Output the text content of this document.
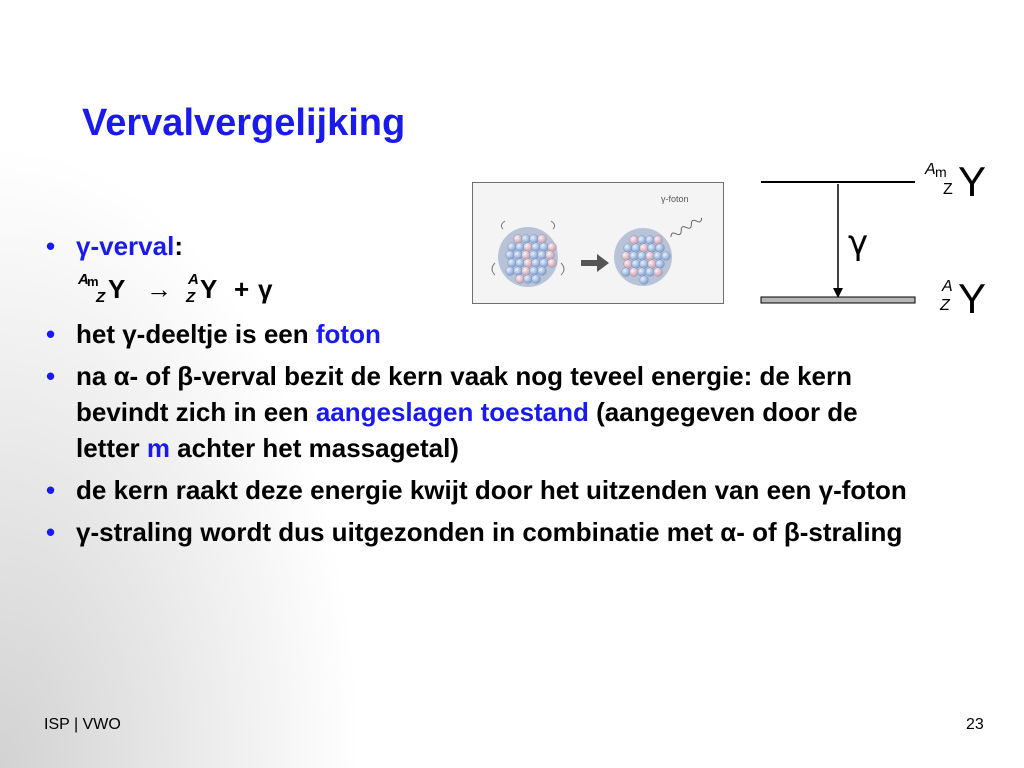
Vervalvergelijking
γ-foton
γ
A m
Z Y
A
Z Y
• γ-verval:
A
m
Z Y → A
Z Y + γ
• het γ-deeltje is een foton
• na α- of β-verval bezit de kern vaak nog teveel energie: de kern bevindt zich in een aangeslagen toestand (aangegeven door de letter m achter het massagetal)
• de kern raakt deze energie kwijt door het uitzenden van een γ-foton
• γ-straling wordt dus uitgezonden in combinatie met α- of β-straling
ISP | VWO	23
